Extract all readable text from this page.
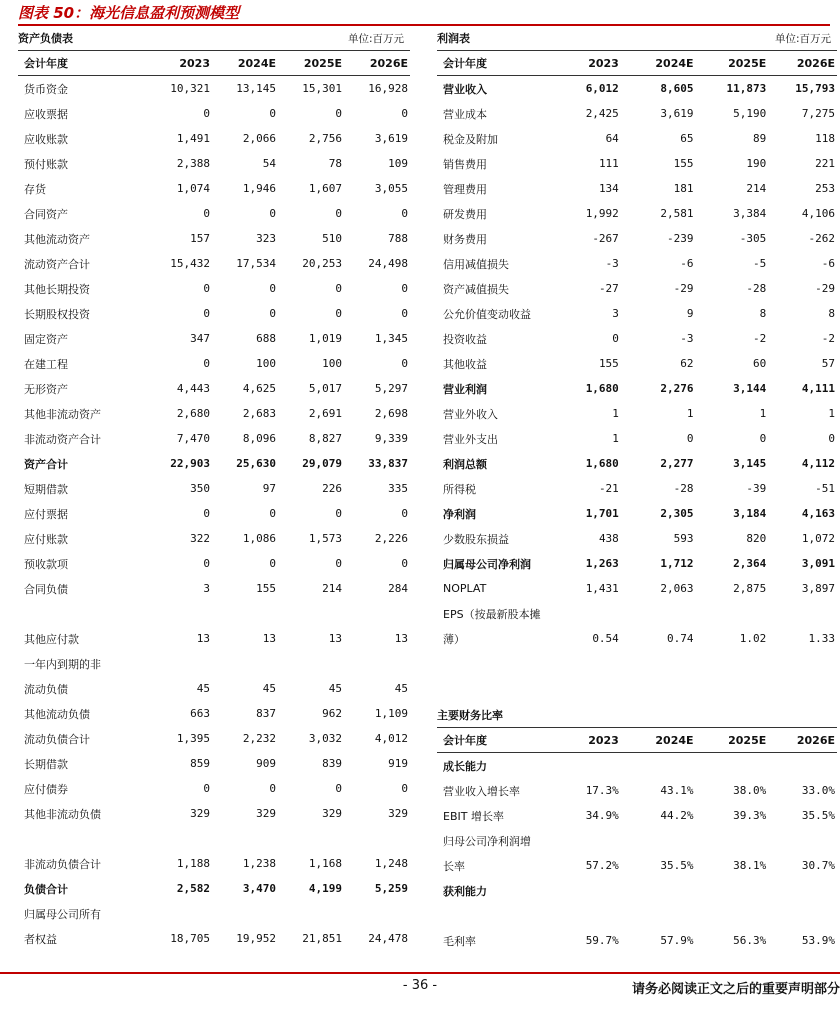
图表 50：海光信息盈利预测模型
资产负债表	单位:百万元
会计年度	2023	2024E	2025E	2026E
货币资金	10,321	13,145	15,301	16,928
应收票据	0	0	0	0
应收账款	1,491	2,066	2,756	3,619
预付账款	2,388	54	78	109
存货	1,074	1,946	1,607	3,055
合同资产	0	0	0	0
其他流动资产	157	323	510	788
流动资产合计	15,432	17,534	20,253	24,498
其他长期投资	0	0	0	0
长期股权投资	0	0	0	0
固定资产	347	688	1,019	1,345
在建工程	0	100	100	0
无形资产	4,443	4,625	5,017	5,297
其他非流动资产	2,680	2,683	2,691	2,698
非流动资产合计	7,470	8,096	8,827	9,339
资产合计	22,903	25,630	29,079	33,837
短期借款	350	97	226	335
应付票据	0	0	0	0
应付账款	322	1,086	1,573	2,226
预收款项	0	0	0	0
合同负债	3	155	214	284

其他应付款	13	13	13	13
一年内到期的非				
流动负债	45	45	45	45
其他流动负债	663	837	962	1,109
流动负债合计	1,395	2,232	3,032	4,012
长期借款	859	909	839	919
应付债券	0	0	0	0
其他非流动负债	329	329	329	329

非流动负债合计	1,188	1,238	1,168	1,248
负债合计	2,582	3,470	4,199	5,259
归属母公司所有				
者权益	18,705	19,952	21,851	24,478
利润表	单位:百万元
会计年度	2023	2024E	2025E	2026E
营业收入	6,012	8,605	11,873	15,793
营业成本	2,425	3,619	5,190	7,275
税金及附加	64	65	89	118
销售费用	111	155	190	221
管理费用	134	181	214	253
研发费用	1,992	2,581	3,384	4,106
财务费用	-267	-239	-305	-262
信用减值损失	-3	-6	-5	-6
资产减值损失	-27	-29	-28	-29
公允价值变动收益	3	9	8	8
投资收益	0	-3	-2	-2
其他收益	155	62	60	57
营业利润	1,680	2,276	3,144	4,111
营业外收入	1	1	1	1
营业外支出	1	0	0	0
利润总额	1,680	2,277	3,145	4,112
所得税	-21	-28	-39	-51
净利润	1,701	2,305	3,184	4,163
少数股东损益	438	593	820	1,072
归属母公司净利润	1,263	1,712	2,364	3,091
NOPLAT	1,431	2,063	2,875	3,897
EPS（按最新股本摊				
薄）	0.54	0.74	1.02	1.33
主要财务比率
会计年度	2023	2024E	2025E	2026E
成长能力				
营业收入增长率	17.3%	43.1%	38.0%	33.0%
EBIT 增长率	34.9%	44.2%	39.3%	35.5%
归母公司净利润增				
长率	57.2%	35.5%	38.1%	30.7%
获利能力				

毛利率	59.7%	57.9%	56.3%	53.9%
- 36 -	请务必阅读正文之后的重要声明部分
